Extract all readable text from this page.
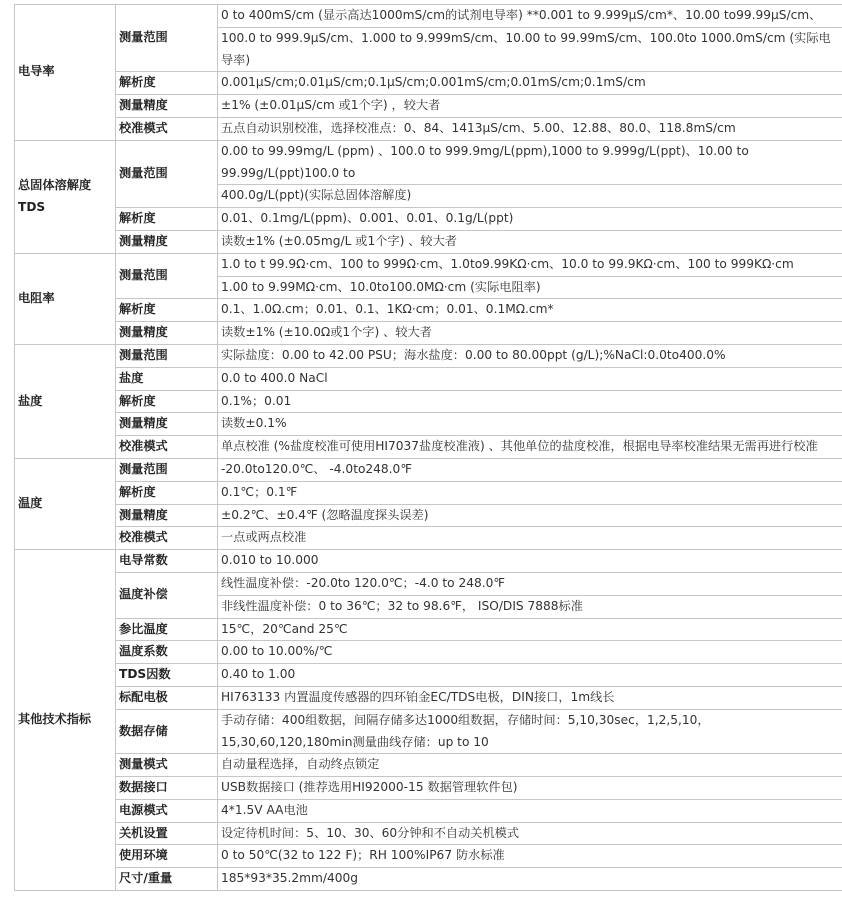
电导率	测量范围	0 to 400mS/cm (显示高达1000mS/cm的试剂电导率) **0.001 to 9.999μS/cm*、10.00 to99.99μS/cm、
		100.0 to 999.9μS/cm、1.000 to 9.999mS/cm、10.00 to 99.99mS/cm、100.0to 1000.0mS/cm (实际电导率)
	解析度	0.001μS/cm;0.01μS/cm;0.1μS/cm;0.001mS/cm;0.01mS/cm;0.1mS/cm
	测量精度	±1% (±0.01μS/cm 或1个字) ，较大者
	校准模式	五点自动识别校准，选择校准点：0、84、1413μS/cm、5.00、12.88、80.0、118.8mS/cm
总固体溶解度TDS	测量范围	0.00 to 99.99mg/L (ppm) 、100.0 to 999.9mg/L(ppm),1000 to 9.999g/L(ppt)、10.00 to 99.99g/L(ppt)100.0 to
		400.0g/L(ppt)(实际总固体溶解度)
	解析度	0.01、0.1mg/L(ppm)、0.001、0.01、0.1g/L(ppt)
	测量精度	读数±1% (±0.05mg/L 或1个字) 、较大者
电阻率	测量范围	1.0 to t 99.9Ω·cm、100 to 999Ω·cm、1.0to9.99KΩ·cm、10.0 to 99.9KΩ·cm、100 to 999KΩ·cm
		1.00 to 9.99MΩ·cm、10.0to100.0MΩ·cm (实际电阻率)
	解析度	0.1、1.0Ω.cm；0.01、0.1、1KΩ·cm；0.01、0.1MΩ.cm*
	测量精度	读数±1% (±10.0Ω或1个字) 、较大者
盐度	测量范围	实际盐度：0.00 to 42.00 PSU；海水盐度：0.00 to 80.00ppt (g/L);%NaCl:0.0to400.0%
	盐度	0.0 to 400.0 NaCl
	解析度	0.1%；0.01
	测量精度	读数±0.1%
	校准模式	单点校准 (%盐度校准可使用HI7037盐度校准液) 、其他单位的盐度校准，根据电导率校准结果无需再进行校准
温度	测量范围	-20.0to120.0℃、 -4.0to248.0℉
	解析度	0.1℃；0.1℉
	测量精度	±0.2℃、±0.4℉ (忽略温度探头误差)
	校准模式	一点或两点校准
其他技术指标	电导常数	0.010 to 10.000
	温度补偿	线性温度补偿：-20.0to 120.0℃；-4.0 to 248.0℉
		非线性温度补偿：0 to 36℃；32 to 98.6℉， ISO/DIS 7888标准
	参比温度	15℃，20℃and 25℃
	温度系数	0.00 to 10.00%/℃
	TDS因数	0.40 to 1.00
	标配电极	HI763133 内置温度传感器的四环铂金EC/TDS电极，DIN接口，1m线长
	数据存储	手动存储：400组数据，间隔存储多达1000组数据，存储时间：5,10,30sec，1,2,5,10，15,30,60,120,180min测量曲线存储：up to 10
	测量模式	自动量程选择，自动终点锁定
	数据接口	USB数据接口 (推荐选用HI92000-15 数据管理软件包)
	电源模式	4*1.5V AA电池
	关机设置	设定待机时间：5、10、30、60分钟和不自动关机模式
	使用环境	0 to 50℃(32 to 122 F)；RH 100%IP67 防水标准
	尺寸/重量	185*93*35.2mm/400g
